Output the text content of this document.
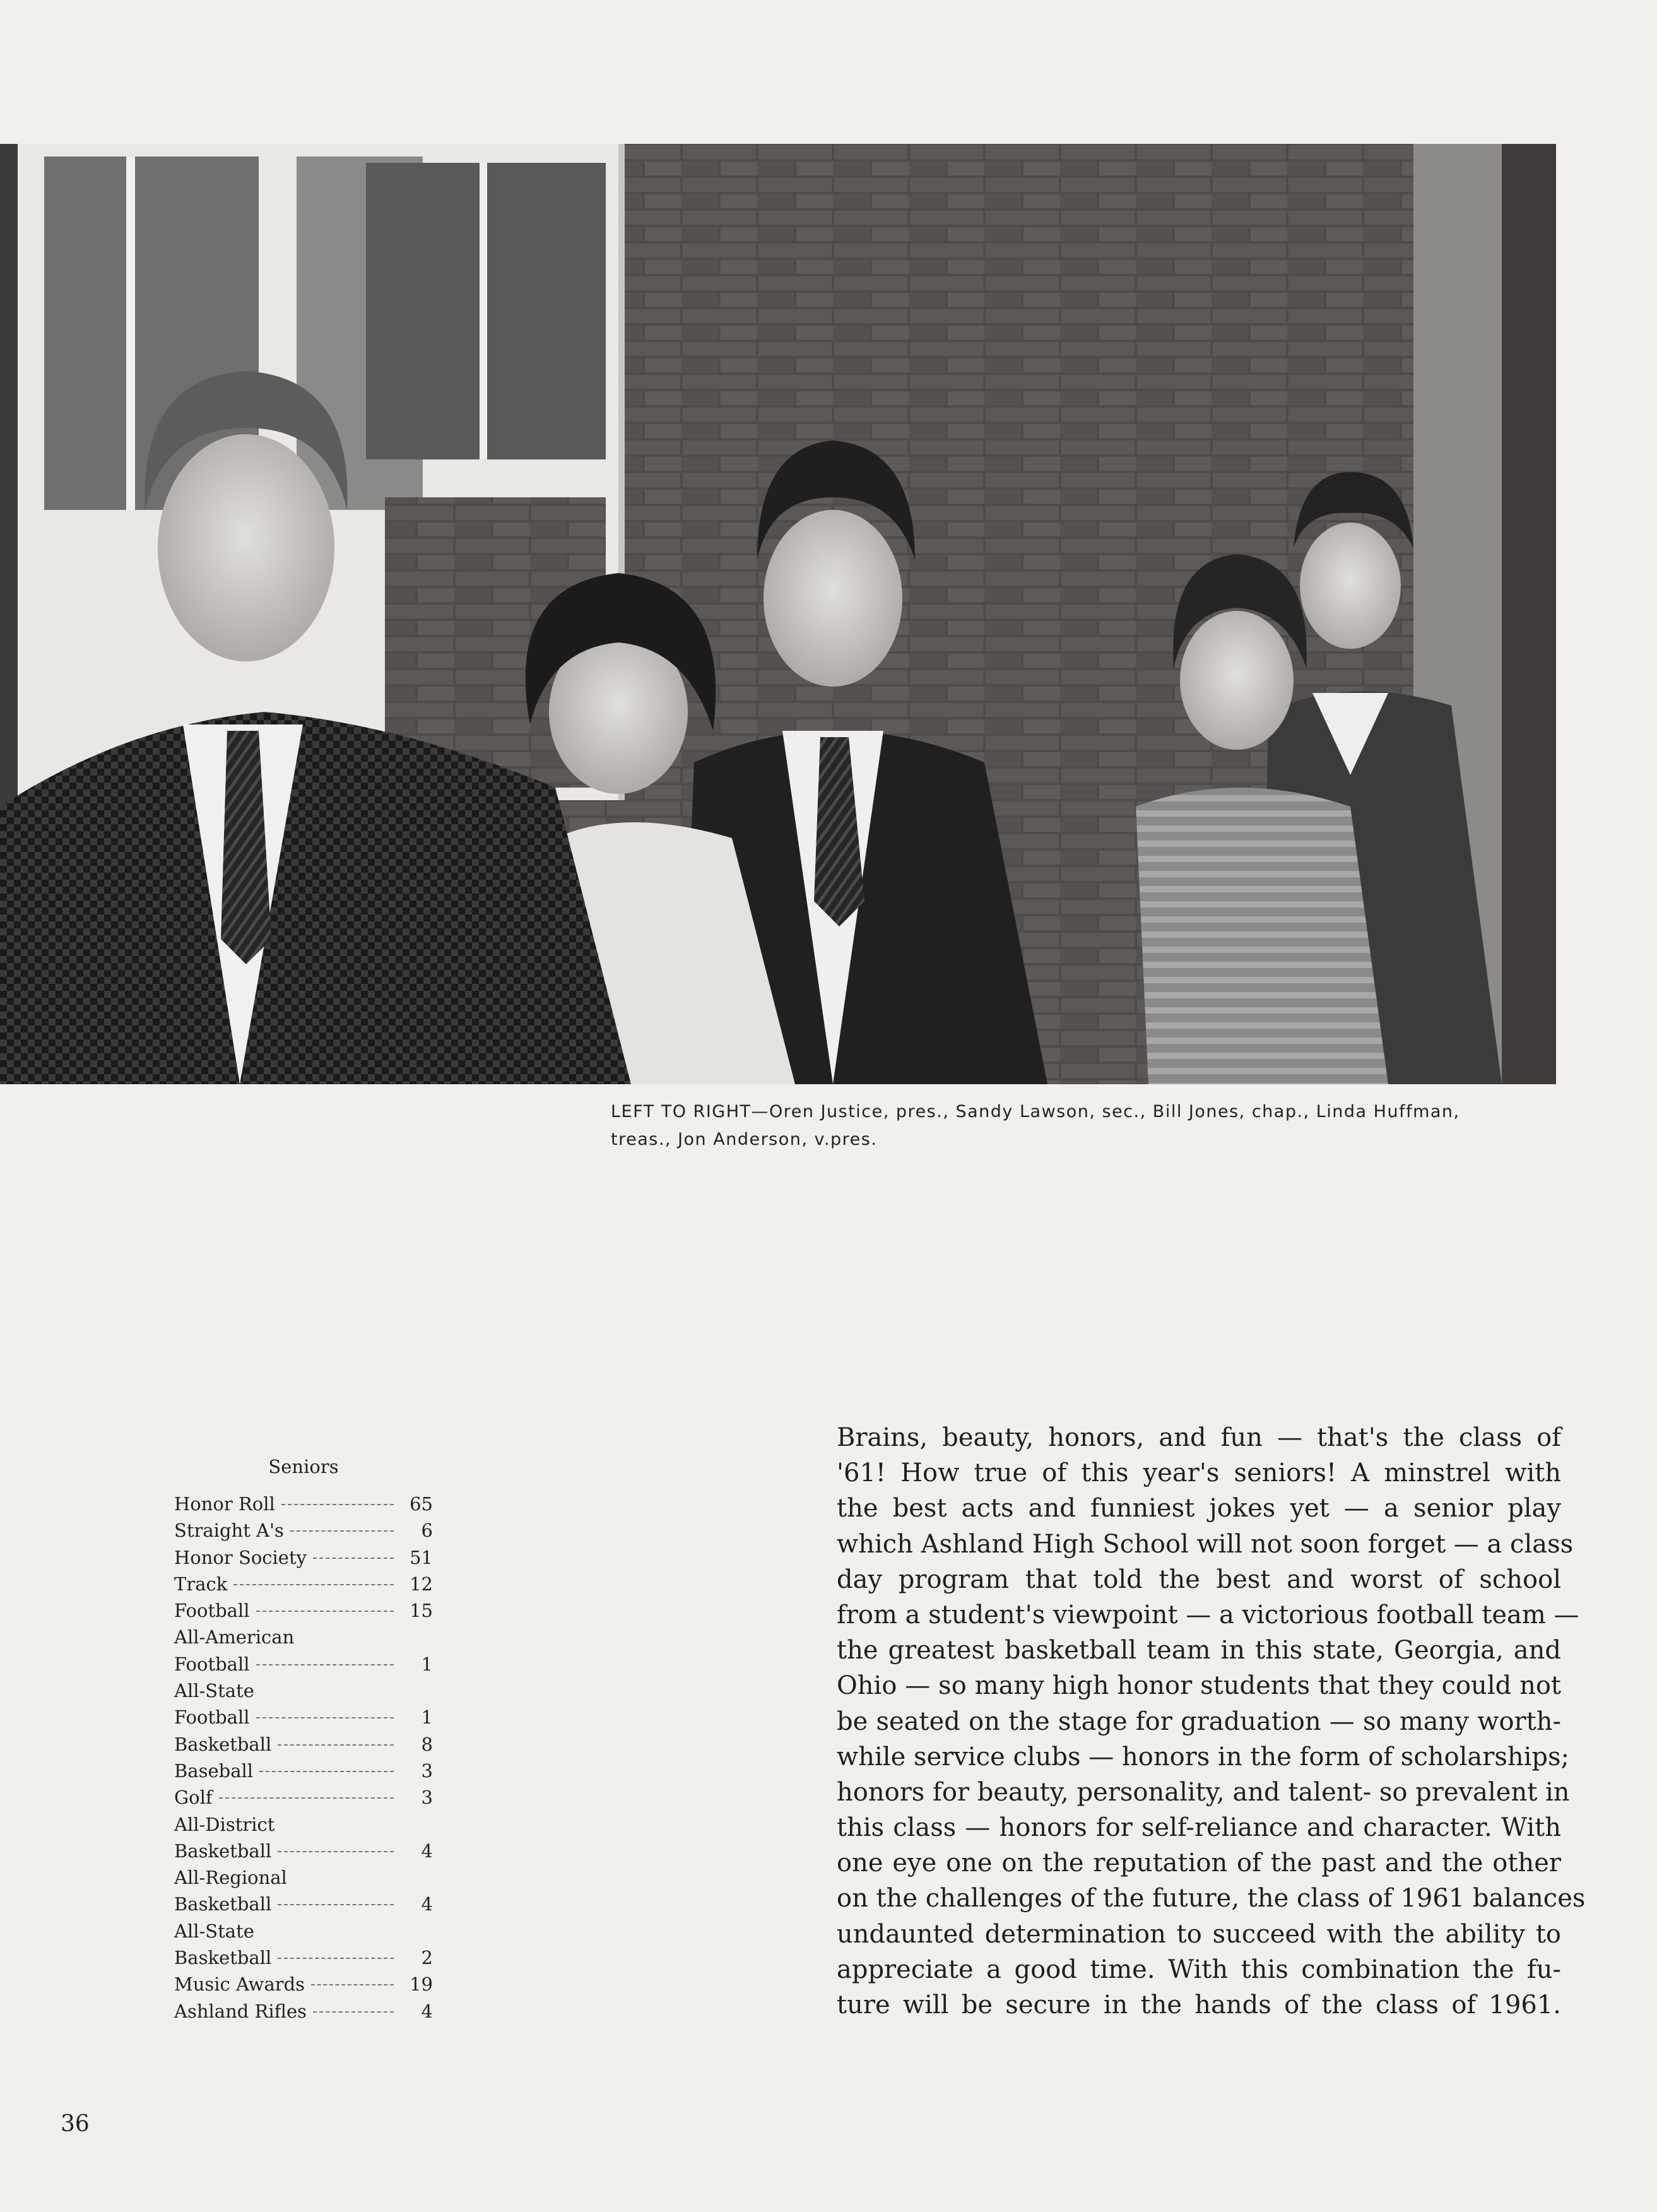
LEFT TO RIGHT—Oren Justice, pres., Sandy Lawson, sec., Bill Jones, chap., Linda Huffman,

treas., Jon Anderson, v.pres.

Seniors
Honor Roll	65
Straight A's	6
Honor Society	51
Track	12
Football	15
All-American
Football	1
All-State
Football	1
Basketball	8
Baseball	3
Golf	3
All-District
Basketball	4
All-Regional
Basketball	4
All-State
Basketball	2
Music Awards	19
Ashland Rifles	4
Brains, beauty, honors, and fun — that's the class of
'61! How true of this year's seniors! A minstrel with
the best acts and funniest jokes yet — a senior play
which Ashland High School will not soon forget — a class
day program that told the best and worst of school
from a student's viewpoint — a victorious football team —
the greatest basketball team in this state, Georgia, and
Ohio — so many high honor students that they could not
be seated on the stage for graduation — so many worth-
while service clubs — honors in the form of scholarships;
honors for beauty, personality, and talent- so prevalent in
this class — honors for self-reliance and character. With
one eye one on the reputation of the past and the other
on the challenges of the future, the class of 1961 balances
undaunted determination to succeed with the ability to
appreciate a good time. With this combination the fu-
ture will be secure in the hands of the class of 1961.
36
